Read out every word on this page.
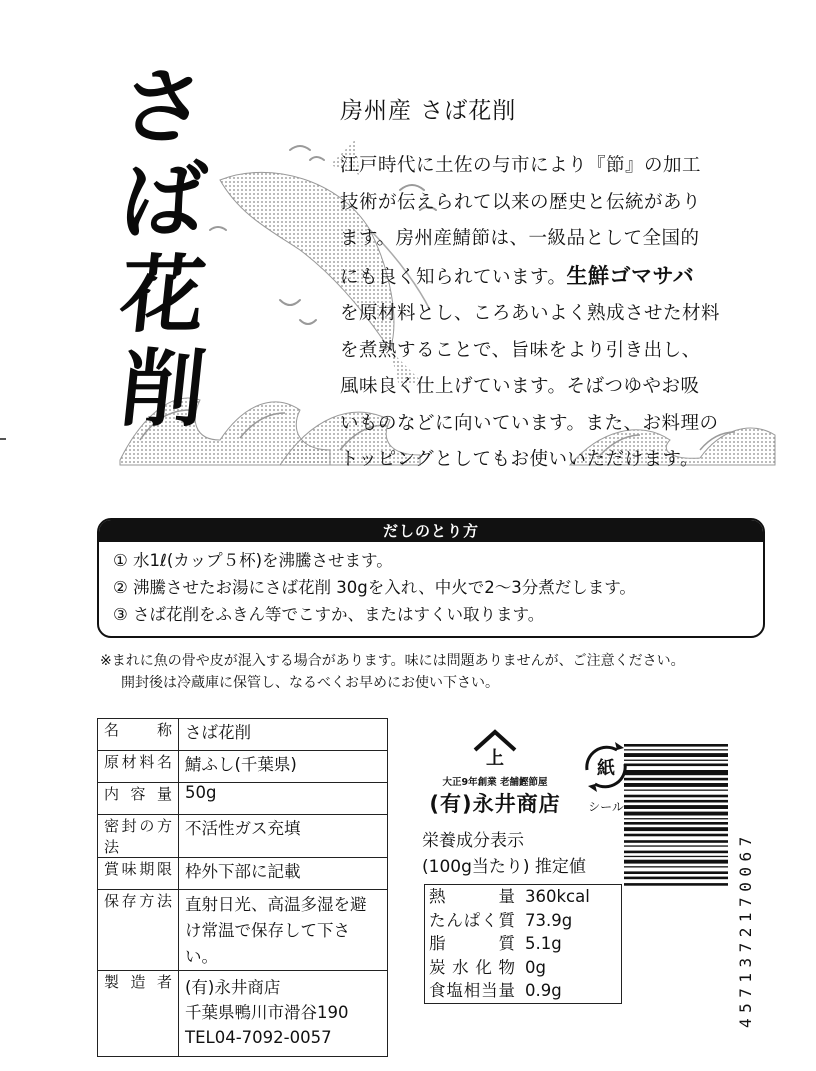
さ
ば
花
削
房州産 さば花削
江戸時代に土佐の与市により『節』の加工
技術が伝えられて以来の歴史と伝統があり
ます。房州産鯖節は、一級品として全国的
にも良く知られています。生鮮ゴマサバ
を原材料とし、ころあいよく熟成させた材料
を煮熟することで、旨味をより引き出し、
風味良く仕上げています。そばつゆやお吸
いものなどに向いています。また、お料理の
トッピングとしてもお使いいただけます。
だしのとり方
① 水1ℓ(カップ５杯)を沸騰させます。
② 沸騰させたお湯にさば花削 30gを入れ、中火で2～3分煮だします。
③ さば花削をふきん等でこすか、またはすくい取ります。
※まれに魚の骨や皮が混入する場合があります。味には問題ありませんが、ご注意ください。
開封後は冷蔵庫に保管し、なるべくお早めにお使い下さい。
名　称	さば花削
原材料名	鯖ふし(千葉県)
内容量	50g
密封の方法	不活性ガス充填
賞味期限	枠外下部に記載
保存方法	直射日光、高温多湿を避け常温で保存して下さい。
製造者	(有)永井商店
千葉県鴨川市滑谷190
TEL04-7092-0057
上
大正9年創業 老舗鰹節屋
(有)永井商店
紙
シール
栄養成分表示
(100g当たり) 推定値
熱量	360kcal
たんぱく質	73.9g
脂質	5.1g
炭水化物	0g
食塩相当量	0.9g	4571372170067
